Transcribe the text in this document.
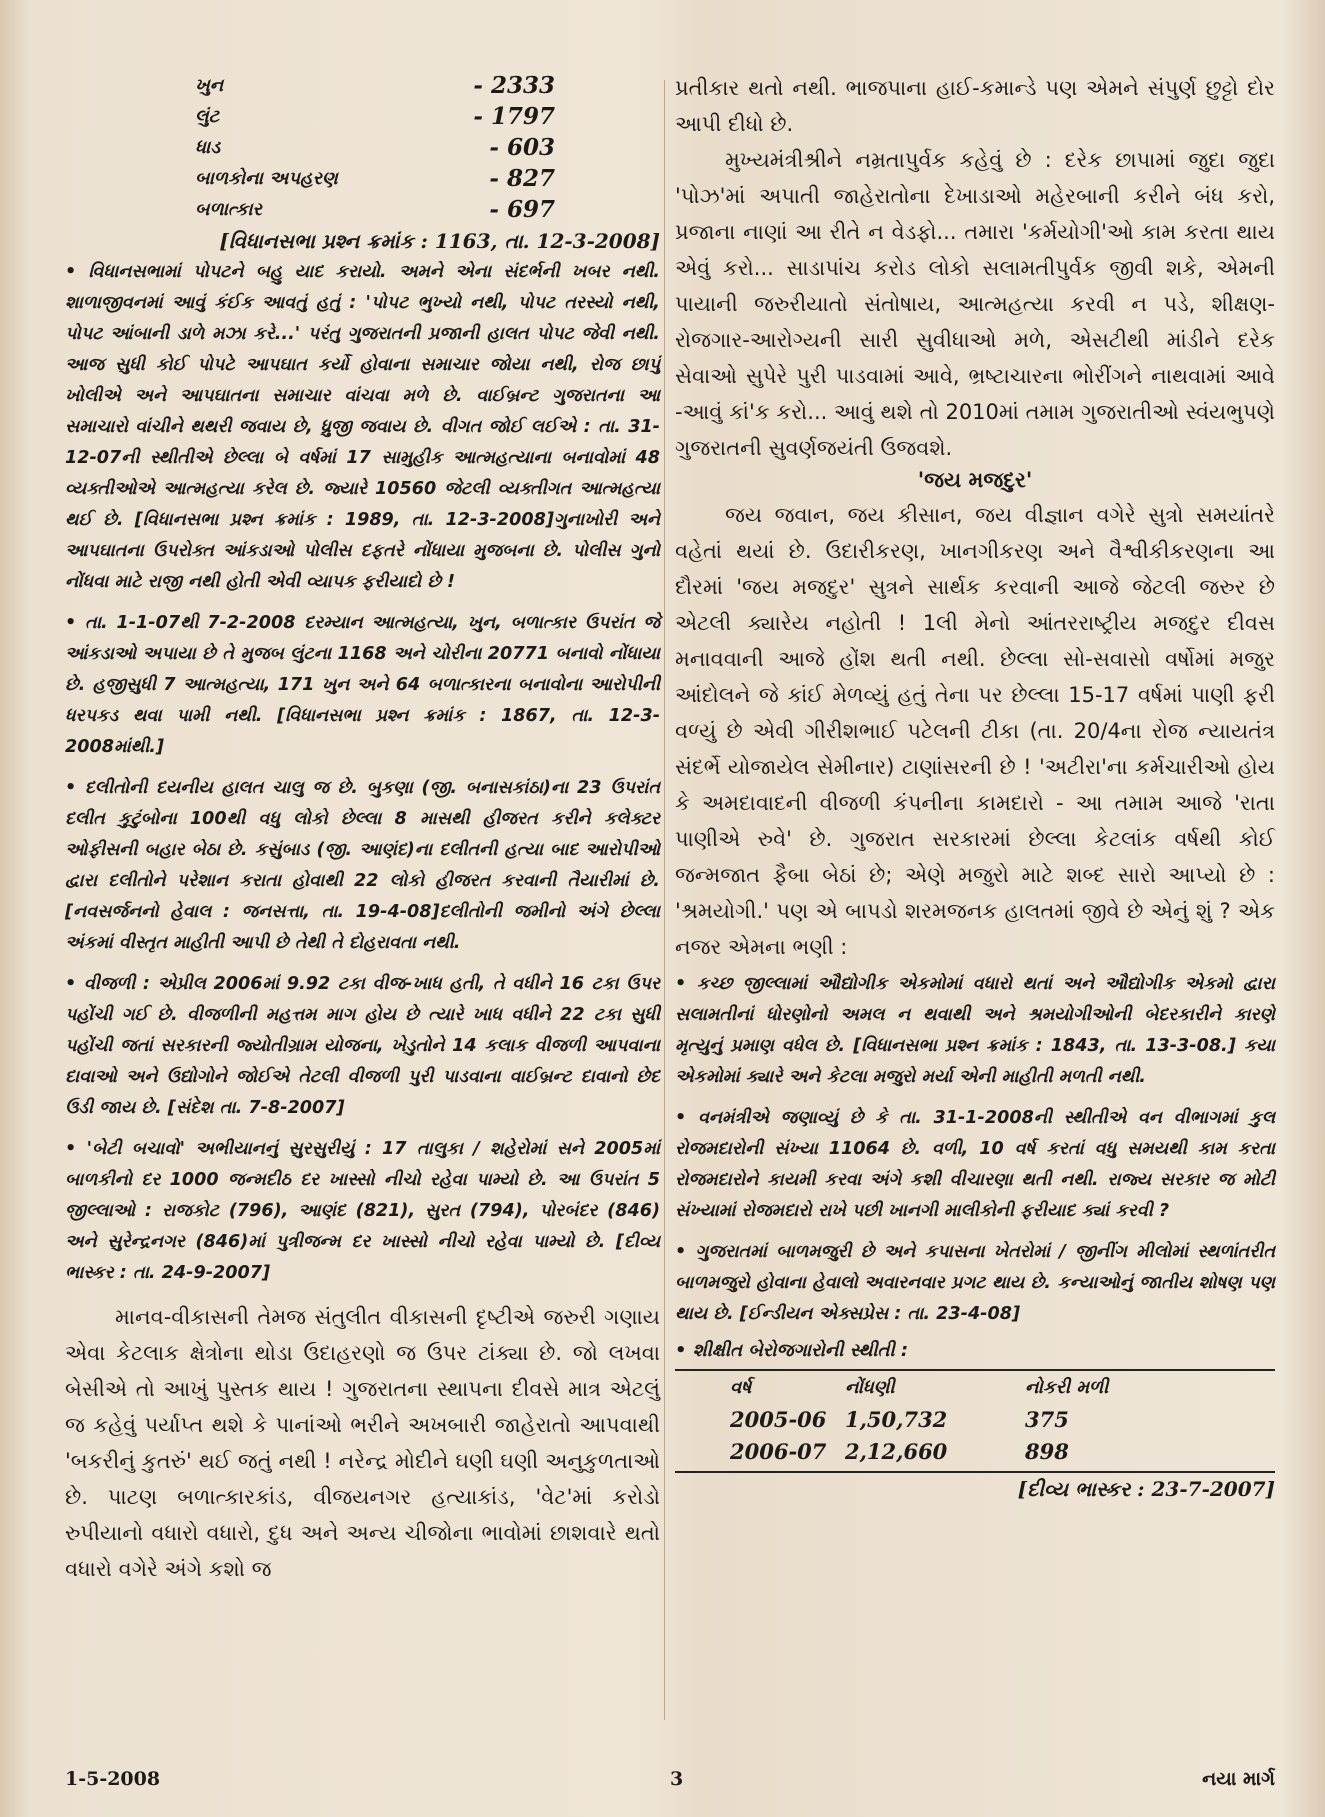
ખુન	- 2333
લુંટ	- 1797
ધાડ	- 603
બાળકોના અપહરણ	- 827
બળાત્કાર	- 697
[વિધાનસભા પ્રશ્ન ક્રમાંક : 1163, તા. 12-3-2008]

• વિધાનસભામાં પોપટને બહુ યાદ કરાયો. અમને એના સંદર્ભની ખબર નથી. શાળાજીવનમાં આવું કંઈક આવતું હતું : 'પોપટ ભુખ્યો નથી, પોપટ તરસ્યો નથી, પોપટ આંબાની ડાળે મઝા કરે...' પરંતુ ગુજરાતની પ્રજાની હાલત પોપટ જેવી નથી. આજ સુધી કોઈ પોપટે આપઘાત કર્યો હોવાના સમાચાર જોયા નથી, રોજ છાપું ખોલીએ અને આપઘાતના સમાચાર વાંચવા મળે છે. વાઈબ્રન્ટ ગુજરાતના આ સમાચારો વાંચીને થથરી જવાય છે, ધ્રુજી જવાય છે. વીગત જોઈ લઈએ : તા. 31-12-07ની સ્થીતીએ છેલ્લા બે વર્ષમાં 17 સામુહીક આત્મહત્યાના બનાવોમાં 48 વ્યક્તીઓએ આત્મહત્યા કરેલ છે. જ્યારે 10560 જેટલી વ્યક્તીગત આત્મહત્યા થઈ છે. [વિધાનસભા પ્રશ્ન ક્રમાંક : 1989, તા. 12-3-2008]ગુનાખોરી અને આપઘાતના ઉપરોક્ત આંકડાઓ પોલીસ દફતરે નોંધાયા મુજબના છે. પોલીસ ગુનો નોંધવા માટે રાજી નથી હોતી એવી વ્યાપક ફરીયાદો છે !

• તા. 1-1-07થી 7-2-2008 દરમ્યાન આત્મહત્યા, ખુન, બળાત્કાર ઉપરાંત જે આંકડાઓ અપાયા છે તે મુજબ લુંટના 1168 અને ચોરીના 20771 બનાવો નોંધાયા છે. હજીસુધી 7 આત્મહત્યા, 171 ખુન અને 64 બળાત્કારના બનાવોના આરોપીની ધરપકડ થવા પામી નથી. [વિધાનસભા પ્રશ્ન ક્રમાંક : 1867, તા. 12-3-2008માંથી.]

• દલીતોની દયનીય હાલત ચાલુ જ છે. બુકણા (જી. બનાસકાંઠા)ના 23 ઉપરાંત દલીત કુટુંબોના 100થી વધુ લોકો છેલ્લા 8 માસથી હીજરત કરીને કલેક્ટર ઓફીસની બહાર બેઠા છે. કસુંબાડ (જી. આણંદ)ના દલીતની હત્યા બાદ આરોપીઓ દ્વારા દલીતોને પરેશાન કરાતા હોવાથી 22 લોકો હીજરત કરવાની તૈયારીમાં છે. [નવસર્જનનો હેવાલ : જનસત્તા, તા. 19-4-08]દલીતોની જમીનો અંગે છેલ્લા અંકમાં વીસ્તૃત માહીતી આપી છે તેથી તે દોહરાવતા નથી.

• વીજળી : એપ્રીલ 2006માં 9.92 ટકા વીજ-ખાધ હતી, તે વધીને 16 ટકા ઉપર પહોંચી ગઈ છે. વીજળીની મહત્તમ માગ હોય છે ત્યારે ખાધ વધીને 22 ટકા સુધી પહોંચી જતાં સરકારની જ્યોતીગ્રામ યોજના, ખેડુતોને 14 કલાક વીજળી આપવાના દાવાઓ અને ઉદ્યોગોને જોઈએ તેટલી વીજળી પુરી પાડવાના વાઈબ્રન્ટ દાવાનો છેદ ઉડી જાય છે. [સંદેશ તા. 7-8-2007]

• 'બેટી બચાવો' અભીયાનનું સુરસુરીયું : 17 તાલુકા / શહેરોમાં સને 2005માં બાળકીનો દર 1000 જન્મદીઠ દર ખાસ્સો નીચો રહેવા પામ્યો છે. આ ઉપરાંત 5 જીલ્લાઓ : રાજકોટ (796), આણંદ (821), સુરત (794), પોરબંદર (846) અને સુરેન્દ્રનગર (846)માં પુત્રીજન્મ દર ખાસ્સો નીચો રહેવા પામ્યો છે. [દીવ્ય ભાસ્કર : તા. 24-9-2007]

માનવ-વીકાસની તેમજ સંતુલીત વીકાસની દૃષ્ટીએ જરુરી ગણાય એવા કેટલાક ક્ષેત્રોના થોડા ઉદાહરણો જ ઉપર ટાંક્યા છે. જો લખવા બેસીએ તો આખું પુસ્તક થાય ! ગુજરાતના સ્થાપના દીવસે માત્ર એટલું જ કહેવું પર્યાપ્ત થશે કે પાનાંઓ ભરીને અખબારી જાહેરાતો આપવાથી 'બકરીનું કુતરું' થઈ જતું નથી ! નરેન્દ્ર મોદીને ઘણી ઘણી અનુકુળતાઓ છે. પાટણ બળાત્કારકાંડ, વીજયનગર હત્યાકાંડ, 'વેટ'માં કરોડો રુપીયાનો વધારો વધારો, દુધ અને અન્ય ચીજોના ભાવોમાં છાશવારે થતો વધારો વગેરે અંગે કશો જ

પ્રતીકાર થતો નથી. ભાજપાના હાઈ-કમાન્ડે પણ એમને સંપુર્ણ છુટ્ટો દોર આપી દીધો છે.

મુખ્યમંત્રીશ્રીને નમ્રતાપુર્વક કહેવું છે : દરેક છાપામાં જુદા જુદા 'પોઝ'માં અપાતી જાહેરાતોના દેખાડાઓ મહેરબાની કરીને બંધ કરો, પ્રજાના નાણાં આ રીતે ન વેડફો... તમારા 'કર્મયોગી'ઓ કામ કરતા થાય એવું કરો... સાડાપાંચ કરોડ લોકો સલામતીપુર્વક જીવી શકે, એમની પાયાની જરુરીયાતો સંતોષાય, આત્મહત્યા કરવી ન પડે, શીક્ષણ-રોજગાર-આરોગ્યની સારી સુવીધાઓ મળે, એસટીથી માંડીને દરેક સેવાઓ સુપેરે પુરી પાડવામાં આવે, ભ્રષ્ટાચારના ભોરીંગને નાથવામાં આવે -આવું કાં'ક કરો... આવું થશે તો 2010માં તમામ ગુજરાતીઓ સ્વંયભુપણે ગુજરાતની સુવર્ણજયંતી ઉજવશે.

'જય મજદુર'

જય જવાન, જય કીસાન, જય વીજ્ઞાન વગેરે સુત્રો સમયાંતરે વહેતાં થયાં છે. ઉદારીકરણ, ખાનગીકરણ અને વૈશ્વીકીકરણના આ દૌરમાં 'જય મજદુર' સુત્રને સાર્થક કરવાની આજે જેટલી જરુર છે એટલી ક્યારેય નહોતી ! 1લી મેનો આંતરરાષ્ટ્રીય મજદુર દીવસ મનાવવાની આજે હોંશ થતી નથી. છેલ્લા સો-સવાસો વર્ષોમાં મજુર આંદોલને જે કાંઈ મેળવ્યું હતું તેના પર છેલ્લા 15-17 વર્ષમાં પાણી ફરી વળ્યું છે એવી ગીરીશભાઈ પટેલની ટીકા (તા. 20/4ના રોજ ન્યાયતંત્ર સંદર્ભે યોજાયેલ સેમીનાર) ટાણાંસરની છે ! 'અટીરા'ના કર્મચારીઓ હોય કે અમદાવાદની વીજળી કંપનીના કામદારો - આ તમામ આજે 'રાતા પાણીએ રુવે' છે. ગુજરાત સરકારમાં છેલ્લા કેટલાંક વર્ષથી કોઈ જન્મજાત ફૈબા બેઠાં છે; એણે મજુરો માટે શબ્દ સારો આપ્યો છે : 'શ્રમયોગી.' પણ એ બાપડો શરમજનક હાલતમાં જીવે છે એનું શું ? એક નજર એમના ભણી :

• કચ્છ જીલ્લામાં ઔદ્યોગીક એકમોમાં વધારો થતાં અને ઔદ્યોગીક એકમો દ્વારા સલામતીનાં ધોરણોનો અમલ ન થવાથી અને શ્રમયોગીઓની બેદરકારીને કારણે મૃત્યુનું પ્રમાણ વધેલ છે. [વિધાનસભા પ્રશ્ન ક્રમાંક : 1843, તા. 13-3-08.] કયા એકમોમાં ક્યારે અને કેટલા મજુરો મર્યા એની માહીતી મળતી નથી.

• વનમંત્રીએ જણાવ્યું છે કે તા. 31-1-2008ની સ્થીતીએ વન વીભાગમાં કુલ રોજમદારોની સંખ્યા 11064 છે. વળી, 10 વર્ષ કરતાં વધુ સમયથી કામ કરતા રોજમદારોને કાયમી કરવા અંગે કશી વીચારણા થતી નથી. રાજ્ય સરકાર જ મોટી સંખ્યામાં રોજમદારો રાખે પછી ખાનગી માલીકોની ફરીયાદ ક્યાં કરવી ?

• ગુજરાતમાં બાળમજુરી છે અને કપાસના ખેતરોમાં / જીનીંગ મીલોમાં સ્થળાંતરીત બાળમજુરો હોવાના હેવાલો અવારનવાર પ્રગટ થાય છે. કન્યાઓનું જાતીય શોષણ પણ થાય છે. [ઈન્ડીયન એક્સપ્રેસ : તા. 23-4-08]

• શીક્ષીત બેરોજગારોની સ્થીતી :
વર્ષ	નોંધણી	નોકરી મળી
2005-06 1,50,732	375
2006-07 2,12,660	898
[દીવ્ય ભાસ્કર : 23-7-2007]
1-5-2008	3	નયા માર્ગ
